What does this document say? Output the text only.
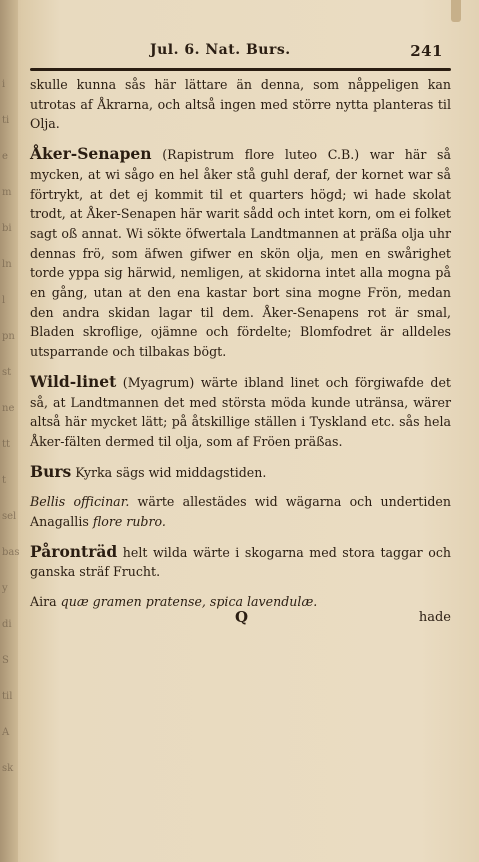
i
ti
e
m
bi
ln
l
pn
st
ne
tt
t
sel
bas
y
di
S
til
A
sk
Jul. 6. Nat. Burs.	241

skulle kunna sås här lättare än denna, som nåppeligen kan utrotas af Åkrarna, och altså ingen med större nytta planteras til Olja.

Åker-Senapen (Rapistrum flore luteo C.B.) war här så mycken, at wi sågo en hel åker stå guhl deraf, der kornet war så förtrykt, at det ej kommit til et quarters högd; wi hade skolat trodt, at Åker-Senapen här warit sådd och intet korn, om ei folket sagt oß annat. Wi sökte öfwertala Landtmannen at präßa olja uhr dennas frö, som äfwen gifwer en skön olja, men en swårighet torde yppa sig härwid, nemligen, at skidorna intet alla mogna på en gång, utan at den ena kastar bort sina mogne Frön, medan den andra skidan lagar til dem. Åker-Senapens rot är smal, Bladen skroflige, ojämne och fördelte; Blomfodret är alldeles utsparrande och tilbakas bögt.

Wild-linet (Myagrum) wärte ibland linet och förgiwafde det så, at Landtmannen det med största möda kunde utränsa, wärer altså här mycket lätt; på åtskillige ställen i Tyskland etc. sås hela Åker-fälten dermed til olja, som af Fröen präßas.

Burs Kyrka sägs wid middagstiden.

Bellis officinar. wärte allestädes wid wägarna och undertiden Anagallis flore rubro.

Påronträd helt wilda wärte i skogarna med stora taggar och ganska sträf Frucht.

Aira quæ gramen pratense, spica lavendulæ.

Q	hade
